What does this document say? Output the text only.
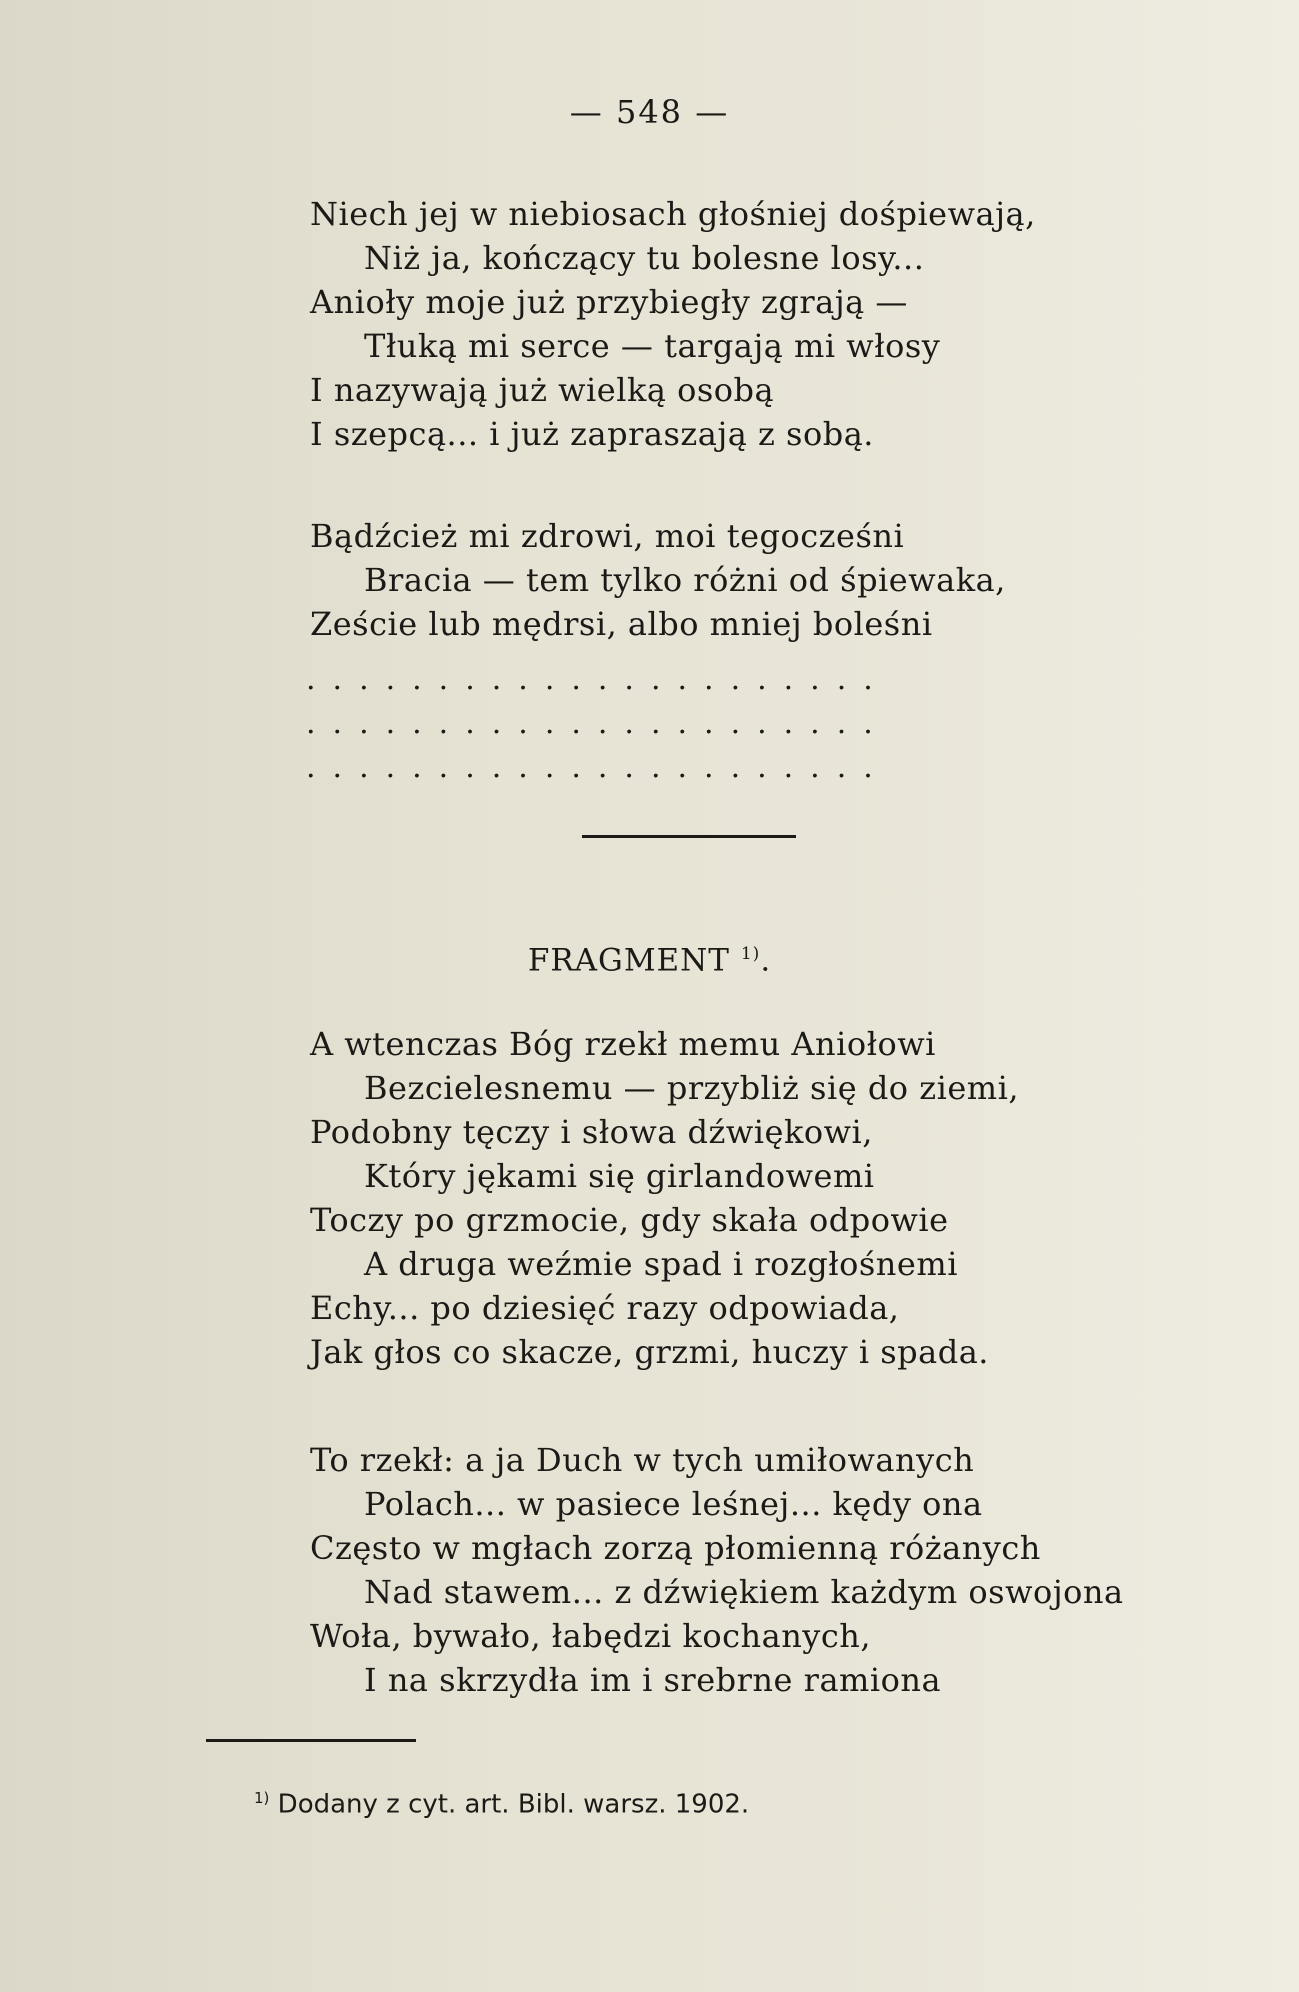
— 548 —
Niech jej w niebiosach głośniej dośpiewają,
Niż ja, kończący tu bolesne losy...
Anioły moje już przybiegły zgrają —
Tłuką mi serce — targają mi włosy
I nazywają już wielką osobą
I szepcą... i już zapraszają z sobą.
Bądźcież mi zdrowi, moi tegocześni
Bracia — tem tylko różni od śpiewaka,
Zeście lub mędrsi, albo mniej boleśni
......................
......................
......................
FRAGMENT $^{1)}$.
A wtenczas Bóg rzekł memu Aniołowi
Bezcielesnemu — przybliż się do ziemi,
Podobny tęczy i słowa dźwiękowi,
Który jękami się girlandowemi
Toczy po grzmocie, gdy skała odpowie
A druga weźmie spad i rozgłośnemi
Echy... po dziesięć razy odpowiada,
Jak głos co skacze, grzmi, huczy i spada.
To rzekł: a ja Duch w tych umiłowanych
Polach... w pasiece leśnej... kędy ona
Często w mgłach zorzą płomienną różanych
Nad stawem... z dźwiękiem każdym oswojona
Woła, bywało, łabędzi kochanych,
I na skrzydła im i srebrne ramiona
$^{1)}$ Dodany z cyt. art. Bibl. warsz. 1902.
